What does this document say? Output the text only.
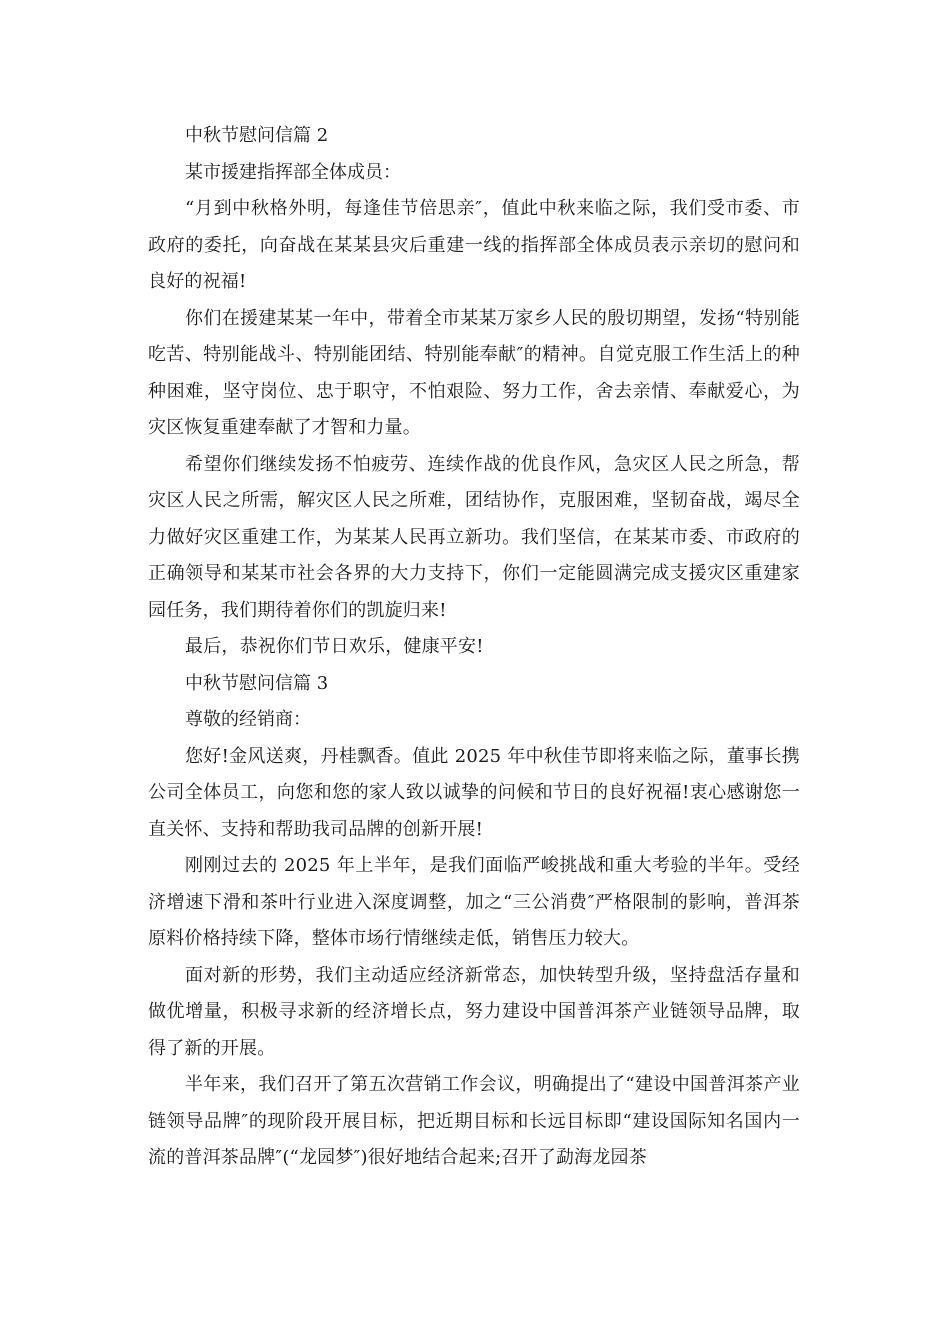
中秋节慰问信篇 2

某市援建指挥部全体成员：

“月到中秋格外明，每逢佳节倍思亲″，值此中秋来临之际，我们受市委、市政府的委托，向奋战在某某县灾后重建一线的指挥部全体成员表示亲切的慰问和良好的祝福!

你们在援建某某一年中，带着全市某某万家乡人民的殷切期望，发扬“特别能吃苦、特别能战斗、特别能团结、特别能奉献″的精神。自觉克服工作生活上的种种困难，坚守岗位、忠于职守，不怕艰险、努力工作，舍去亲情、奉献爱心，为灾区恢复重建奉献了才智和力量。

希望你们继续发扬不怕疲劳、连续作战的优良作风，急灾区人民之所急，帮灾区人民之所需，解灾区人民之所难，团结协作，克服困难，坚韧奋战，竭尽全力做好灾区重建工作，为某某人民再立新功。我们坚信，在某某市委、市政府的正确领导和某某市社会各界的大力支持下，你们一定能圆满完成支援灾区重建家园任务，我们期待着你们的凯旋归来!

最后，恭祝你们节日欢乐，健康平安!

中秋节慰问信篇 3

尊敬的经销商：

您好!金风送爽，丹桂飘香。值此 2025 年中秋佳节即将来临之际，董事长携公司全体员工，向您和您的家人致以诚挚的问候和节日的良好祝福!衷心感谢您一直关怀、支持和帮助我司品牌的创新开展!

刚刚过去的 2025 年上半年，是我们面临严峻挑战和重大考验的半年。受经济增速下滑和茶叶行业进入深度调整，加之“三公消费″严格限制的影响，普洱茶原料价格持续下降，整体市场行情继续走低，销售压力较大。

面对新的形势，我们主动适应经济新常态，加快转型升级，坚持盘活存量和做优增量，积极寻求新的经济增长点，努力建设中国普洱茶产业链领导品牌，取得了新的开展。

半年来，我们召开了第五次营销工作会议，明确提出了“建设中国普洱茶产业链领导品牌″的现阶段开展目标，把近期目标和长远目标即“建设国际知名国内一流的普洱茶品牌″(“龙园梦″)很好地结合起来;召开了勐海龙园茶
